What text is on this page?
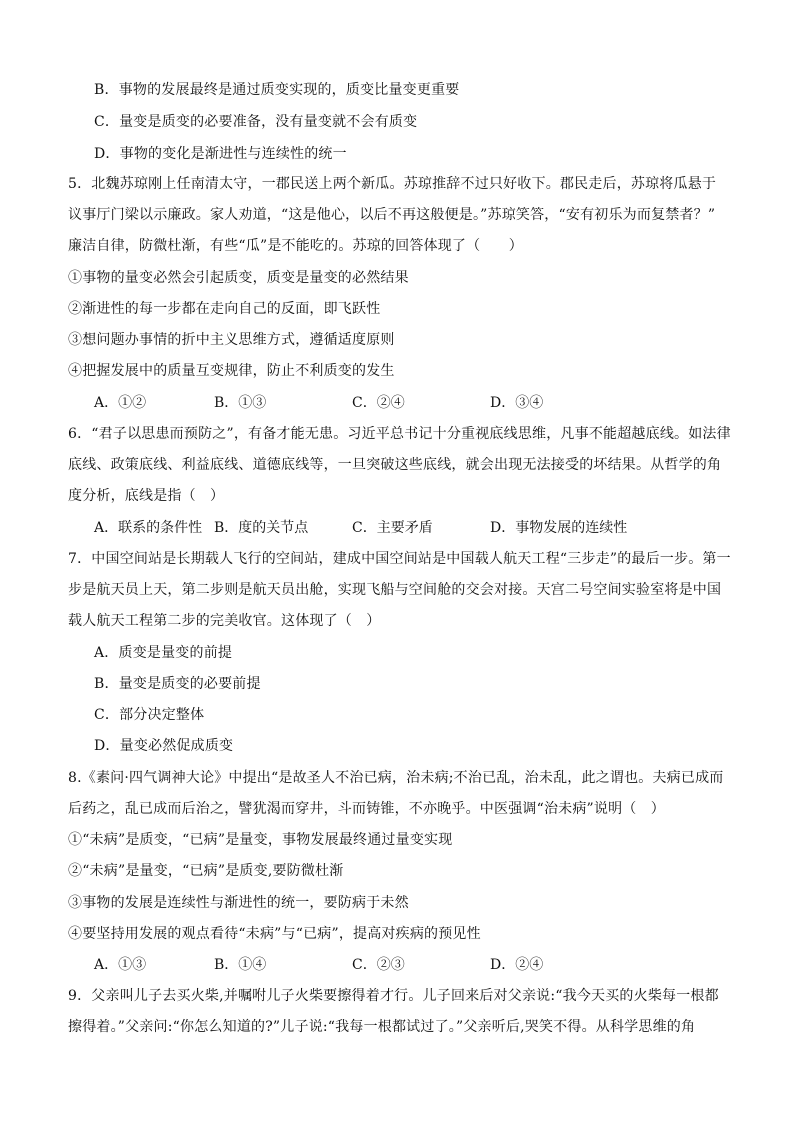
B．事物的发展最终是通过质变实现的，质变比量变更重要
C．量变是质变的必要准备，没有量变就不会有质变
D．事物的变化是渐进性与连续性的统一
5．北魏苏琼刚上任南清太守，一郡民送上两个新瓜。苏琼推辞不过只好收下。郡民走后，苏琼将瓜悬于
议事厅门梁以示廉政。家人劝道，“这是他心，以后不再这般便是。”苏琼笑答，“安有初乐为而复禁者？”
廉洁自律，防微杜渐，有些“瓜”是不能吃的。苏琼的回答体现了（　　）
①事物的量变必然会引起质变，质变是量变的必然结果
②渐进性的每一步都在走向自己的反面，即飞跃性
③想问题办事情的折中主义思维方式，遵循适度原则
④把握发展中的质量互变规律，防止不利质变的发生
A．①②	B．①③	C．②④	D．③④
6．“君子以思患而预防之”，有备才能无患。习近平总书记十分重视底线思维，凡事不能超越底线。如法律
底线、政策底线、利益底线、道德底线等，一旦突破这些底线，就会出现无法接受的坏结果。从哲学的角
度分析，底线是指（　）
A．联系的条件性 B．度的关节点	C．主要矛盾	D．事物发展的连续性
7．中国空间站是长期载人飞行的空间站，建成中国空间站是中国载人航天工程“三步走”的最后一步。第一
步是航天员上天，第二步则是航天员出舱，实现飞船与空间舱的交会对接。天宫二号空间实验室将是中国
载人航天工程第二步的完美收官。这体现了（　）
A．质变是量变的前提
B．量变是质变的必要前提
C．部分决定整体
D．量变必然促成质变
8.《素问·四气调神大论》中提出“是故圣人不治已病，治未病;不治已乱，治未乱，此之谓也。夫病已成而
后药之，乱已成而后治之，譬犹渴而穿井，斗而铸锥，不亦晚乎。中医强调“治未病”说明（　）
①“未病”是质变，“已病”是量变，事物发展最终通过量变实现
②“未病”是量变，“已病”是质变,要防微杜渐
③事物的发展是连续性与渐进性的统一，要防病于未然
④要坚持用发展的观点看待“未病”与“已病”，提高对疾病的预见性
A．①③	B．①④	C．②③	D．②④
9．父亲叫儿子去买火柴,并嘱咐儿子火柴要擦得着才行。儿子回来后对父亲说:“我今天买的火柴每一根都
擦得着。”父亲问:“你怎么知道的?”儿子说:“我每一根都试过了。”父亲听后,哭笑不得。从科学思维的角
